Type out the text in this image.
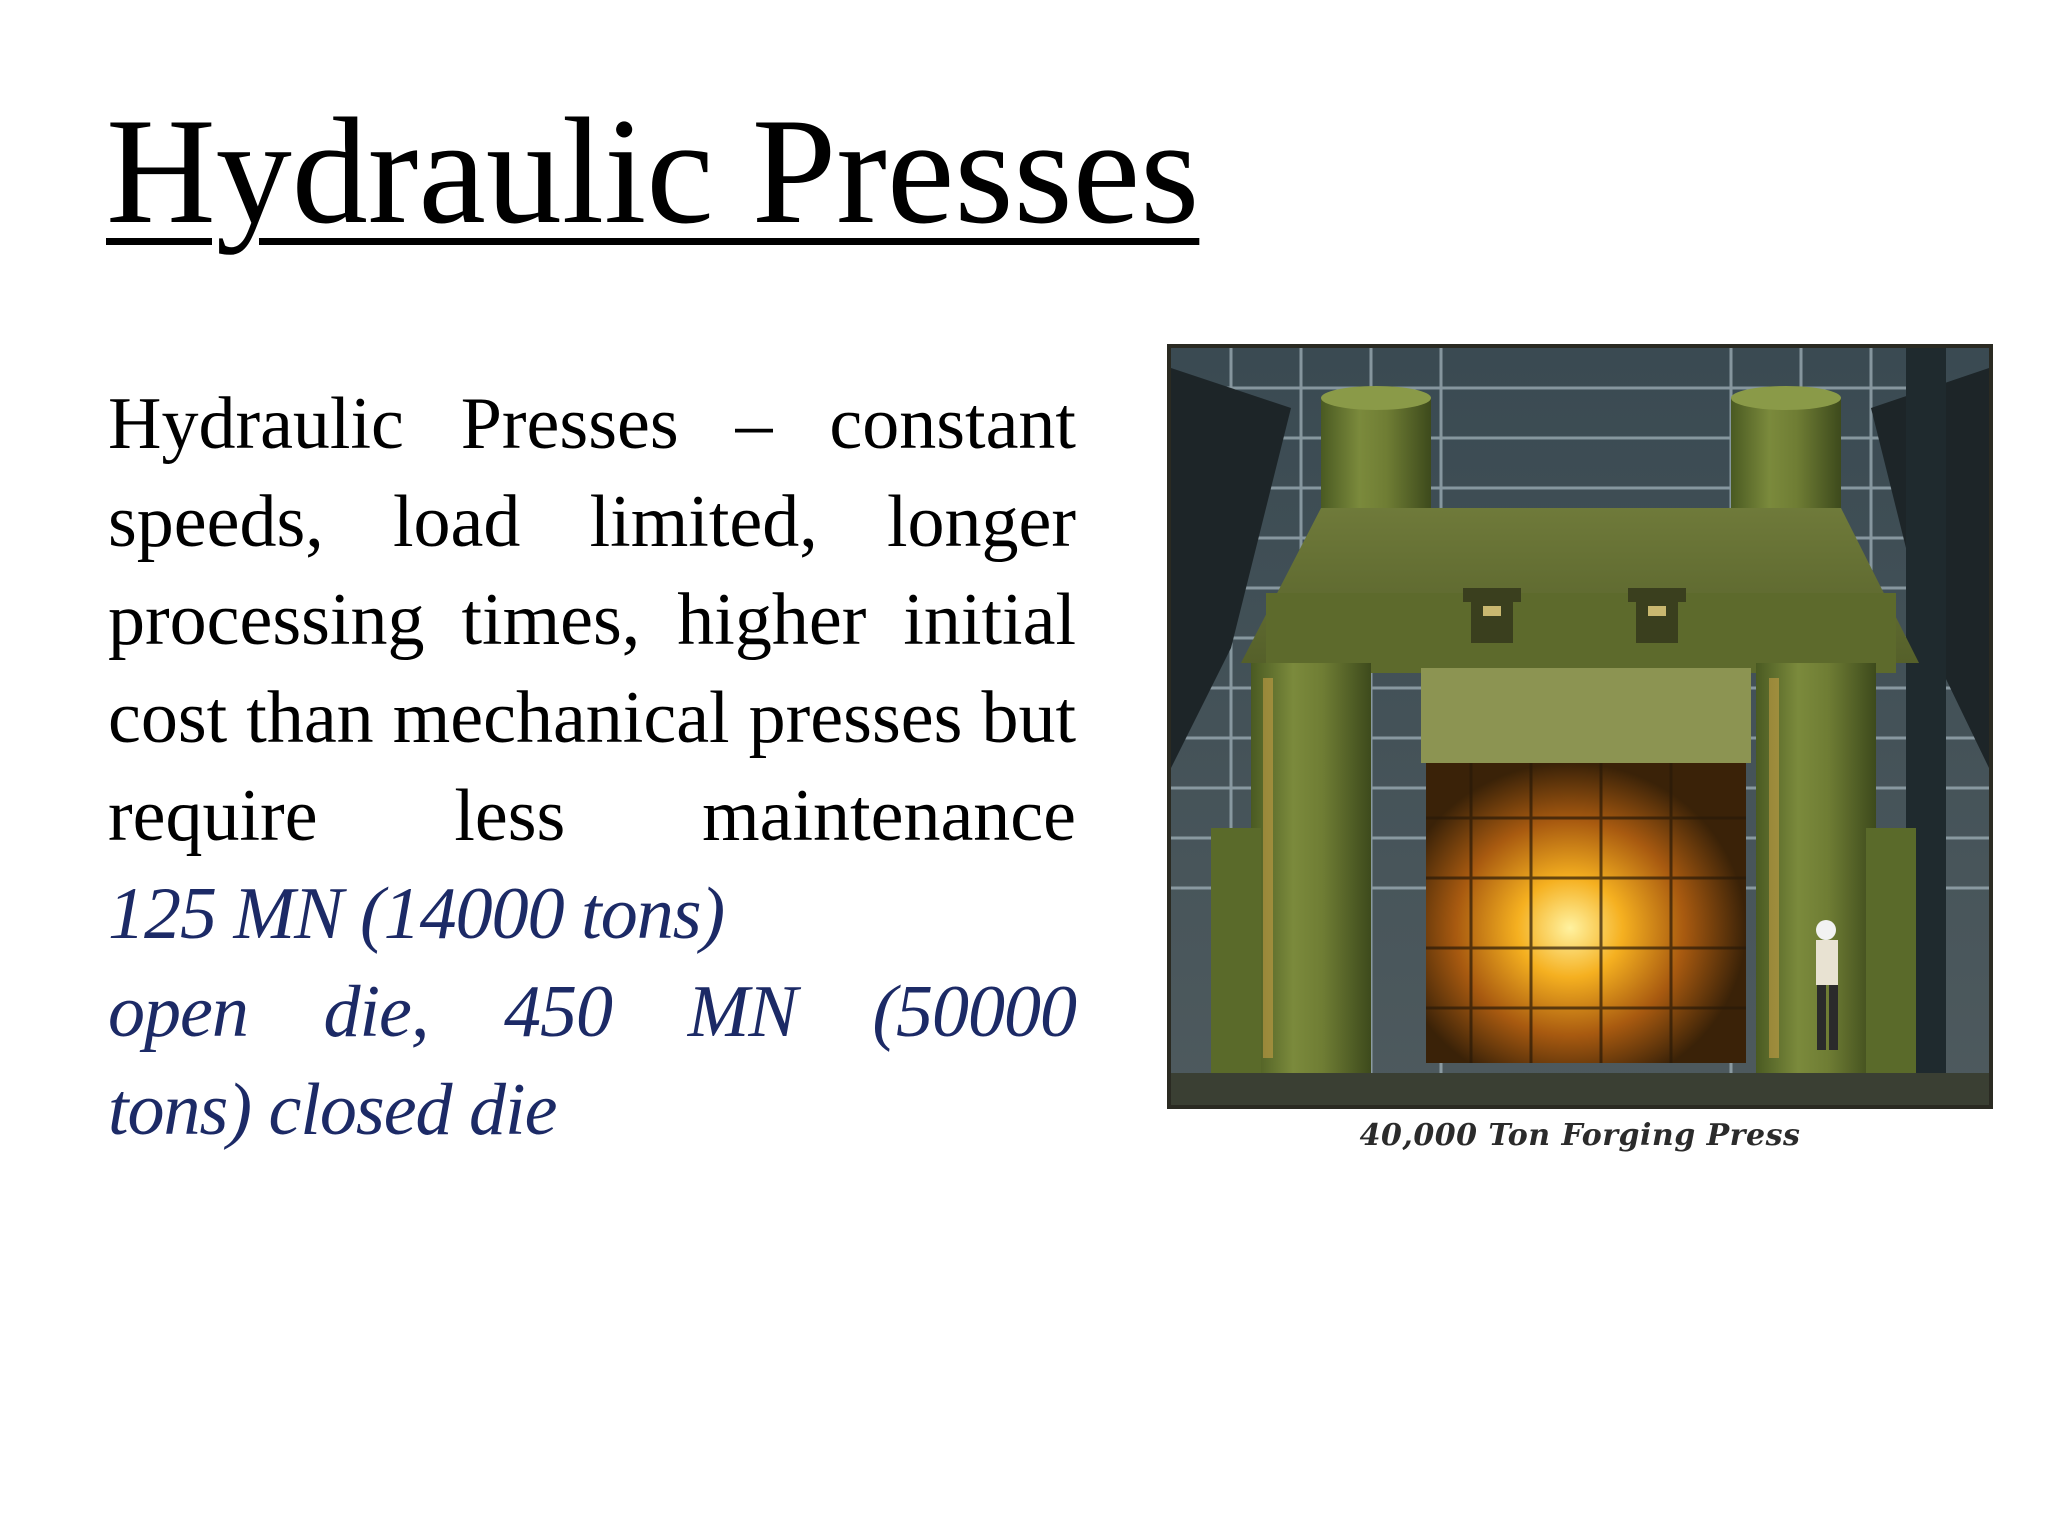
Hydraulic Presses
Hydraulic Presses – constant speeds, load limited, longer processing times, higher initial cost than mechanical presses but require less maintenance
125 MN (14000 tons)
open die, 450 MN (50000
tons) closed die	40,000 Ton Forging Press
